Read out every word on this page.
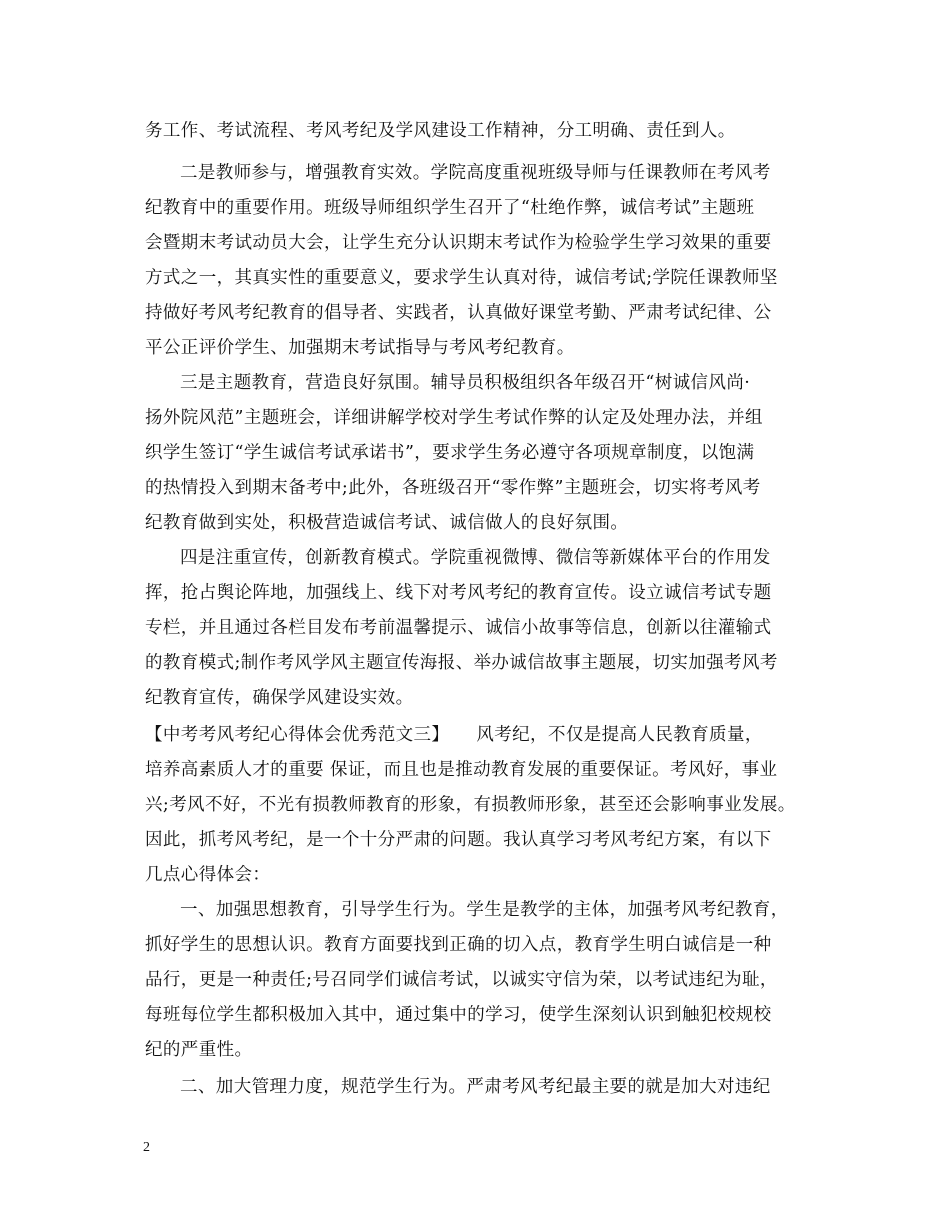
务工作、考试流程、考风考纪及学风建设工作精神，分工明确、责任到人。
二是教师参与，增强教育实效。学院高度重视班级导师与任课教师在考风考
纪教育中的重要作用。班级导师组织学生召开了“杜绝作弊，诚信考试”主题班
会暨期末考试动员大会，让学生充分认识期末考试作为检验学生学习效果的重要
方式之一，其真实性的重要意义，要求学生认真对待，诚信考试;学院任课教师坚
持做好考风考纪教育的倡导者、实践者，认真做好课堂考勤、严肃考试纪律、公
平公正评价学生、加强期末考试指导与考风考纪教育。
三是主题教育，营造良好氛围。辅导员积极组织各年级召开“树诚信风尚·
扬外院风范”主题班会，详细讲解学校对学生考试作弊的认定及处理办法，并组
织学生签订“学生诚信考试承诺书”，要求学生务必遵守各项规章制度，以饱满
的热情投入到期末备考中;此外，各班级召开“零作弊”主题班会，切实将考风考
纪教育做到实处，积极营造诚信考试、诚信做人的良好氛围。
四是注重宣传，创新教育模式。学院重视微博、微信等新媒体平台的作用发
挥，抢占舆论阵地，加强线上、线下对考风考纪的教育宣传。设立诚信考试专题
专栏，并且通过各栏目发布考前温馨提示、诚信小故事等信息，创新以往灌输式
的教育模式;制作考风学风主题宣传海报、举办诚信故事主题展，切实加强考风考
纪教育宣传，确保学风建设实效。
【中考考风考纪心得体会优秀范文三】　　风考纪，不仅是提高人民教育质量，
培养高素质人才的重要 保证，而且也是推动教育发展的重要保证。考风好，事业
兴;考风不好，不光有损教师教育的形象，有损教师形象，甚至还会影响事业发展。
因此，抓考风考纪，是一个十分严肃的问题。我认真学习考风考纪方案，有以下
几点心得体会：
一、加强思想教育，引导学生行为。学生是教学的主体，加强考风考纪教育，
抓好学生的思想认识。教育方面要找到正确的切入点，教育学生明白诚信是一种
品行，更是一种责任;号召同学们诚信考试，以诚实守信为荣，以考试违纪为耻，
每班每位学生都积极加入其中，通过集中的学习，使学生深刻认识到触犯校规校
纪的严重性。
二、加大管理力度，规范学生行为。严肃考风考纪最主要的就是加大对违纪
2
